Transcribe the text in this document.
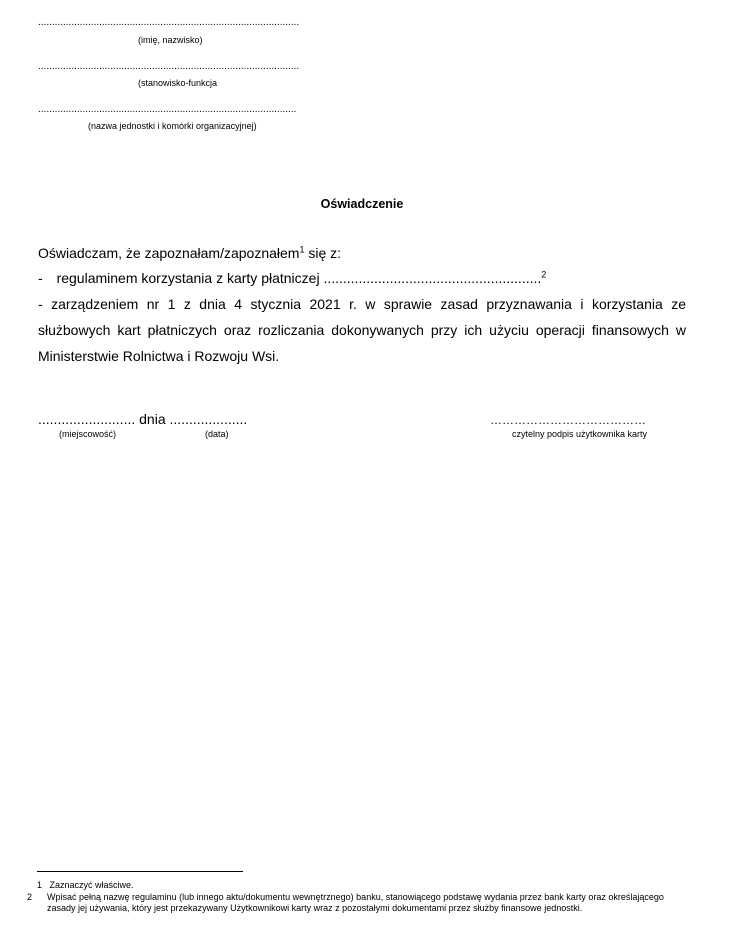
..............................................................................................
(imię, nazwisko)
..............................................................................................
(stanowisko-funkcja
.............................................................................................
(nazwa jednostki i komórki organizacyjnej)
Oświadczenie
Oświadczam, że zapoznałam/zapoznałem$^1$ się z:
- regulaminem korzystania z karty płatniczej ........................................................$^2$
- zarządzeniem nr 1 z dnia 4 stycznia 2021 r. w sprawie zasad przyznawania i korzystania ze służbowych kart płatniczych oraz rozliczania dokonywanych przy ich użyciu operacji finansowych w Ministerstwie Rolnictwa i Rozwoju Wsi.
......................... dnia ....................
(miejscowość)	(data)
…………………………………
czytelny podpis użytkownika karty
1 Zaznaczyć właściwe.
2 Wpisać pełną nazwę regulaminu (lub innego aktu/dokumentu wewnętrznego) banku, stanowiącego podstawę wydania przez bank karty oraz określającego zasady jej używania, który jest przekazywany Użytkownikowi karty wraz z pozostałymi dokumentami przez służby finansowe jednostki.
